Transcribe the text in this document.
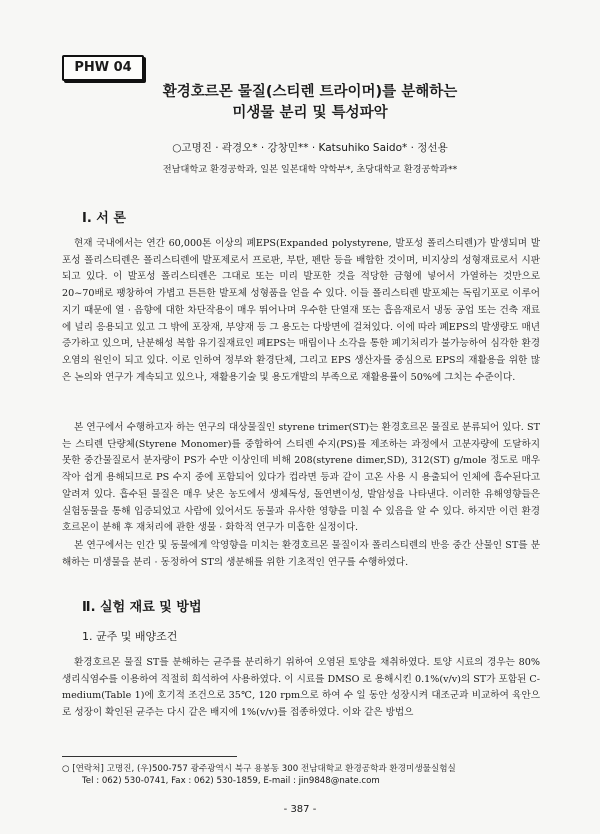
PHW 04
환경호르몬 물질(스티렌 트라이머)를 분해하는
미생물 분리 및 특성파악
○고명진 · 곽경오* · 강창민** · Katsuhiko Saido* · 정선용
전남대학교 환경공학과, 일본 일본대학 약학부*, 초당대학교 환경공학과**
Ⅰ. 서 론

현재 국내에서는 연간 60,000톤 이상의 폐EPS(Expanded polystyrene, 발포성 폴리스티렌)가 발생되며 발포성 폴리스티렌은 폴리스티렌에 발포제로서 프로판, 부탄, 펜탄 등을 배합한 것이며, 비지상의 성형재료로서 시판되고 있다. 이 발포성 폴리스티렌은 그대로 또는 미리 발포한 것을 적당한 금형에 넣어서 가열하는 것만으로 20~70배로 팽창하여 가볍고 튼튼한 발포체 성형품을 얻을 수 있다. 이들 폴리스티렌 발포체는 독립기포로 이루어지기 때문에 열 · 음향에 대한 차단작용이 매우 뛰어나며 우수한 단열재 또는 흡음재로서 냉동 공업 또는 건축 재료에 널리 응용되고 있고 그 밖에 포장재, 부양재 등 그 용도는 다방면에 걸쳐있다. 이에 따라 폐EPS의 발생량도 매년 증가하고 있으며, 난분해성 복합 유기질재료인 폐EPS는 매립이나 소각을 통한 폐기처리가 불가능하여 심각한 환경오염의 원인이 되고 있다. 이로 인하여 정부와 환경단체, 그리고 EPS 생산자를 중심으로 EPS의 재활용을 위한 많은 논의와 연구가 계속되고 있으나, 재활용기술 및 용도개발의 부족으로 재활용률이 50%에 그치는 수준이다.

본 연구에서 수행하고자 하는 연구의 대상물질인 styrene trimer(ST)는 환경호르몬 물질로 분류되어 있다. ST는 스티렌 단량체(Styrene Monomer)를 중합하여 스티렌 수지(PS)를 제조하는 과정에서 고분자량에 도달하지 못한 중간물질로서 분자량이 PS가 수만 이상인데 비해 208(styrene dimer,SD), 312(ST) g/mole 정도로 매우 작아 쉽게 용해되므로 PS 수지 중에 포함되어 있다가 컵라면 등과 같이 고온 사용 시 용출되어 인체에 흡수된다고 알려져 있다. 흡수된 물질은 매우 낮은 농도에서 생체독성, 돌연변이성, 발암성을 나타낸다. 이러한 유해영향들은 실험동물을 통해 입증되었고 사람에 있어서도 동물과 유사한 영향을 미칠 수 있음을 알 수 있다. 하지만 이런 환경호르몬이 분해 후 재처리에 관한 생물 · 화학적 연구가 미흡한 실정이다.

본 연구에서는 인간 및 동물에게 악영향을 미치는 환경호르몬 물질이자 폴리스티렌의 반응 중간 산물인 ST를 분해하는 미생물을 분리 · 동정하여 ST의 생분해를 위한 기초적인 연구를 수행하였다.

Ⅱ. 실험 재료 및 방법
1. 균주 및 배양조건

환경호르몬 물질 ST를 분해하는 균주를 분리하기 위하여 오염된 토양을 채취하였다. 토양 시료의 경우는 80% 생리식염수를 이용하여 적절히 희석하여 사용하였다. 이 시료를 DMSO 로 용해시킨 0.1%(v/v)의 ST가 포함된 C-medium(Table 1)에 호기적 조건으로 35℃, 120 rpm으로 하여 수 일 동안 성장시켜 대조군과 비교하여 육안으로 성장이 확인된 균주는 다시 같은 배지에 1%(v/v)를 접종하였다. 이와 같은 방법으

○ [연락처] 고명진, (우)500-757 광주광역시 북구 용봉동 300 전남대학교 환경공학과 환경미생물실험실
Tel : 062) 530-0741, Fax : 062) 530-1859, E-mail : jin9848@nate.com
- 387 -
